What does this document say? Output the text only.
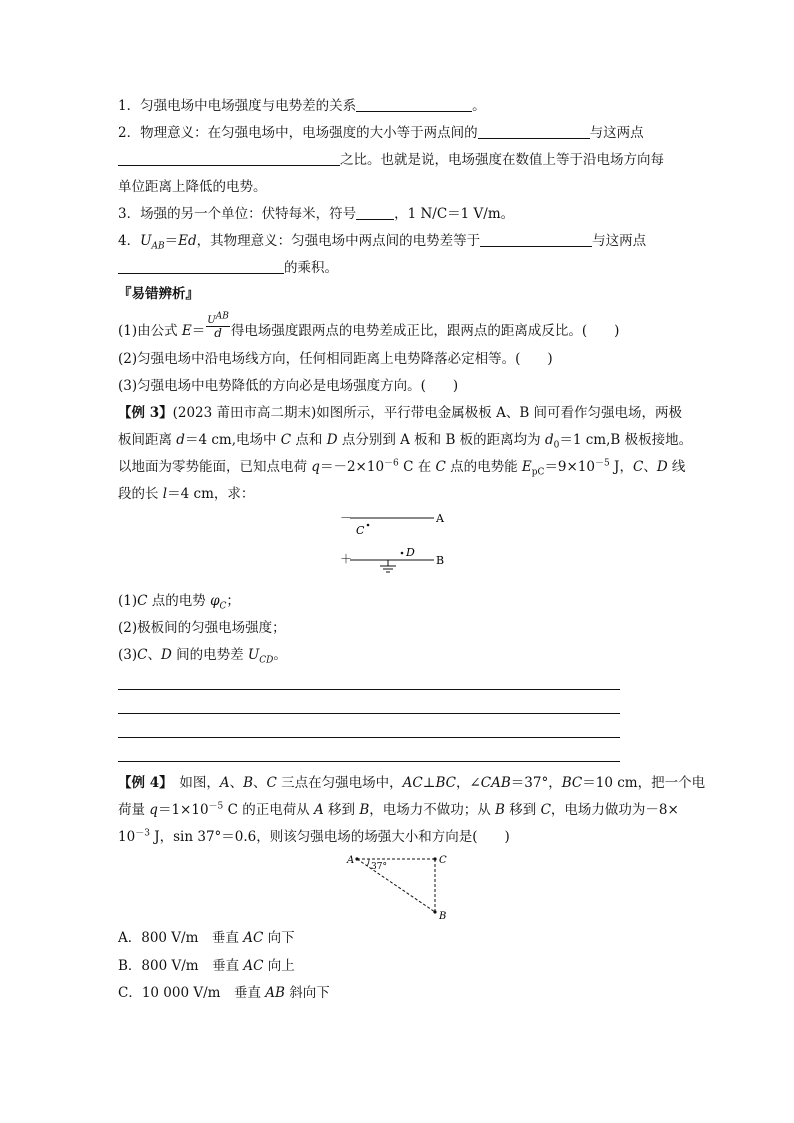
1．匀强电场中电场强度与电势差的关系	。
2．物理意义：在匀强电场中，电场强度的大小等于两点间的	与这两点
之比。也就是说，电场强度在数值上等于沿电场方向每
单位距离上降低的电势。
3．场强的另一个单位：伏特每米，符号	，1 N/C＝1 V/m。
4．$U_{AB}=Ed$，其物理意义：匀强电场中两点间的电势差等于	与这两点
的乘积。
『易错辨析』
(1)由公式 $E= \frac{U^{AB}}{d}$ 得电场强度跟两点的电势差成正比，跟两点的距离成反比。(　　)
(2)匀强电场中沿电场线方向，任何相同距离上电势降落必定相等。(　　)
(3)匀强电场中电势降低的方向必是电场强度方向。(　　)
【例 3】(2023 莆田市高二期末)如图所示，平行带电金属极板 A、B 间可看作匀强电场，两极
板间距离 d＝4 cm,电场中 C 点和 D 点分别到 A 板和 B 板的距离均为 $d_0=1$ cm,B 极板接地。
以地面为零势能面，已知点电荷 $q=-2\times 10^{-6}$ C 在 C 点的电势能 $E_{pC}=9\times 10^{-5}$ J，C、D 线
段的长 l＝4 cm，求：
－	A
C
D
＋	B
(1)C 点的电势 $\varphi_C$；
(2)极板间的匀强电场强度；
(3)C、D 间的电势差 $U_{CD}$。
【例 4】　如图，A、B、C 三点在匀强电场中，AC⊥BC，∠CAB＝37°，BC＝10 cm，把一个电
荷量 $q=1\times 10^{-5}$ C 的正电荷从 A 移到 B，电场力不做功；从 B 移到 C，电场力做功为－8×
$10^{-3}$ J，sin 37°＝0.6，则该匀强电场的场强大小和方向是(　　)
A	C
B
37°
A．800 V/m　垂直 AC 向下
B．800 V/m　垂直 AC 向上
C．10 000 V/m　垂直 AB 斜向下
